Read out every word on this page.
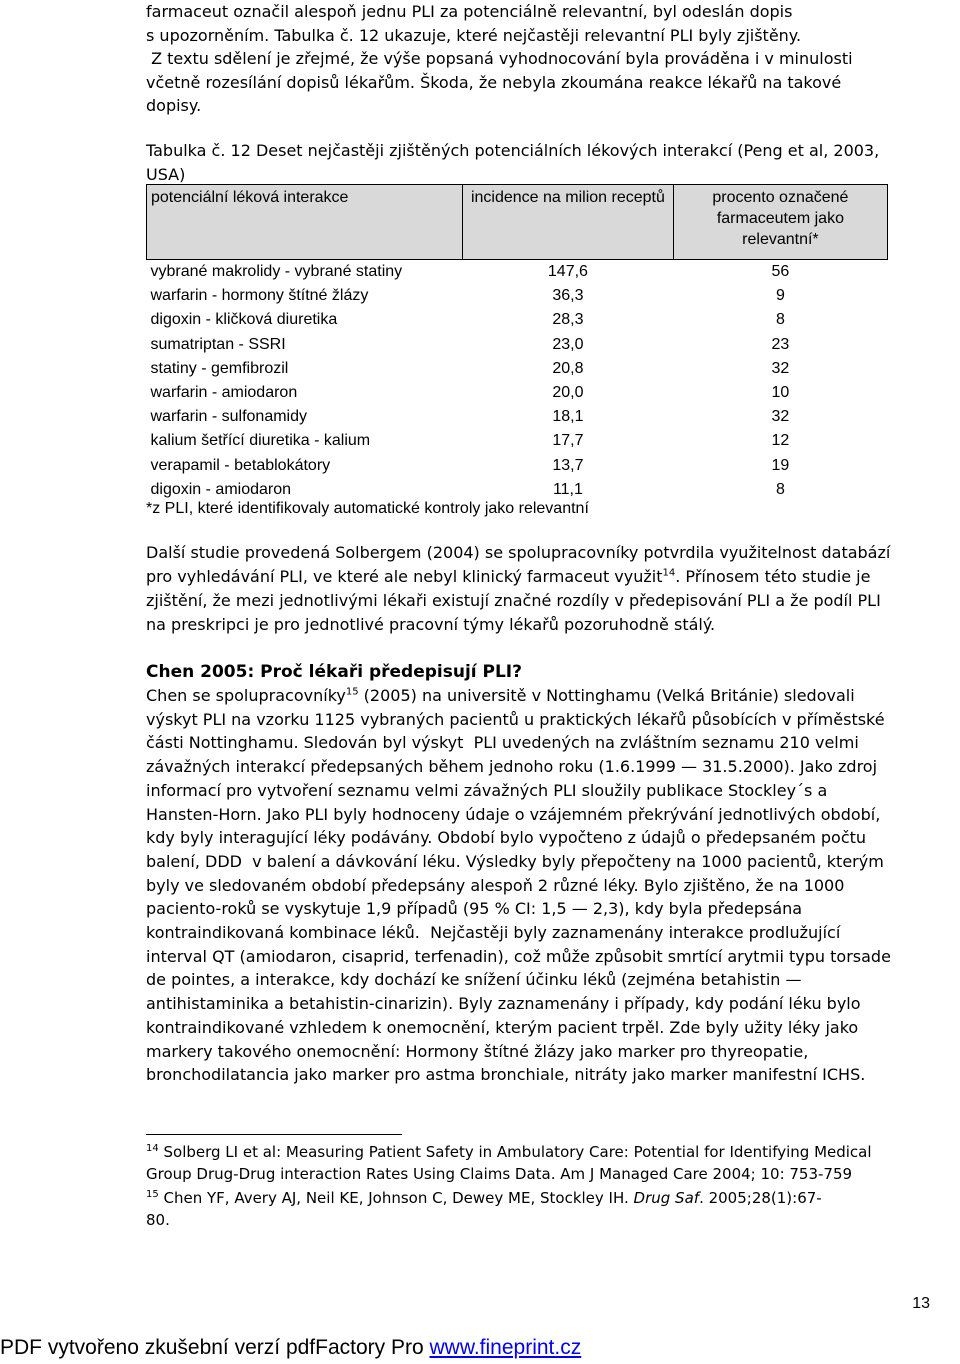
farmaceut označil alespoň jednu PLI za potenciálně relevantní, byl odeslán dopis
s upozorněním. Tabulka č. 12 ukazuje, které nejčastěji relevantní PLI byly zjištěny.
Z textu sdělení je zřejmé, že výše popsaná vyhodnocování byla prováděna i v minulosti
včetně rozesílání dopisů lékařům. Škoda, že nebyla zkoumána reakce lékařů na takové
dopisy.
Tabulka č. 12 Deset nejčastěji zjištěných potenciálních lékových interakcí (Peng et al, 2003,
USA)
potenciální léková interakce	incidence na milion receptů	procento označené farmaceutem jako relevantní*
vybrané makrolidy - vybrané statiny	147,6	56
warfarin - hormony štítné žlázy	36,3	9
digoxin - kličková diuretika	28,3	8
sumatriptan - SSRI	23,0	23
statiny - gemfibrozil	20,8	32
warfarin - amiodaron	20,0	10
warfarin - sulfonamidy	18,1	32
kalium šetřící diuretika - kalium	17,7	12
verapamil - betablokátory	13,7	19
digoxin - amiodaron	11,1	8
*z PLI, které identifikovaly automatické kontroly jako relevantní
Další studie provedená Solbergem (2004) se spolupracovníky potvrdila využitelnost databází
pro vyhledávání PLI, ve které ale nebyl klinický farmaceut využit$^{14}$. Přínosem této studie je
zjištění, že mezi jednotlivými lékaři existují značné rozdíly v předepisování PLI a že podíl PLI
na preskripci je pro jednotlivé pracovní týmy lékařů pozoruhodně stálý.
Chen 2005: Proč lékaři předepisují PLI?
Chen se spolupracovníky$^{15}$ (2005) na universitě v Nottinghamu (Velká Británie) sledovali
výskyt PLI na vzorku 1125 vybraných pacientů u praktických lékařů působících v příměstské
části Nottinghamu. Sledován byl výskyt  PLI uvedených na zvláštním seznamu 210 velmi
závažných interakcí předepsaných během jednoho roku (1.6.1999 — 31.5.2000). Jako zdroj
informací pro vytvoření seznamu velmi závažných PLI sloužily publikace Stockley´s a
Hansten-Horn. Jako PLI byly hodnoceny údaje o vzájemném překrývání jednotlivých období,
kdy byly interagující léky podávány. Období bylo vypočteno z údajů o předepsaném počtu
balení, DDD  v balení a dávkování léku. Výsledky byly přepočteny na 1000 pacientů, kterým
byly ve sledovaném období předepsány alespoň 2 různé léky. Bylo zjištěno, že na 1000
paciento-roků se vyskytuje 1,9 případů (95 % CI: 1,5 — 2,3), kdy byla předepsána
kontraindikovaná kombinace léků.  Nejčastěji byly zaznamenány interakce prodlužující
interval QT (amiodaron, cisaprid, terfenadin), což může způsobit smrtící arytmii typu torsade
de pointes, a interakce, kdy dochází ke snížení účinku léků (zejména betahistin —
antihistaminika a betahistin-cinarizin). Byly zaznamenány i případy, kdy podání léku bylo
kontraindikované vzhledem k onemocnění, kterým pacient trpěl. Zde byly užity léky jako
markery takového onemocnění: Hormony štítné žlázy jako marker pro thyreopatie,
bronchodilatancia jako marker pro astma bronchiale, nitráty jako marker manifestní ICHS.
$^{14}$ Solberg LI et al: Measuring Patient Safety in Ambulatory Care: Potential for Identifying Medical
Group Drug-Drug interaction Rates Using Claims Data. Am J Managed Care 2004; 10: 753-759
$^{15}$ Chen YF, Avery AJ, Neil KE, Johnson C, Dewey ME, Stockley IH. Drug Saf. 2005;28(1):67-
80.
13
PDF vytvořeno zkušební verzí pdfFactory Pro www.fineprint.cz
